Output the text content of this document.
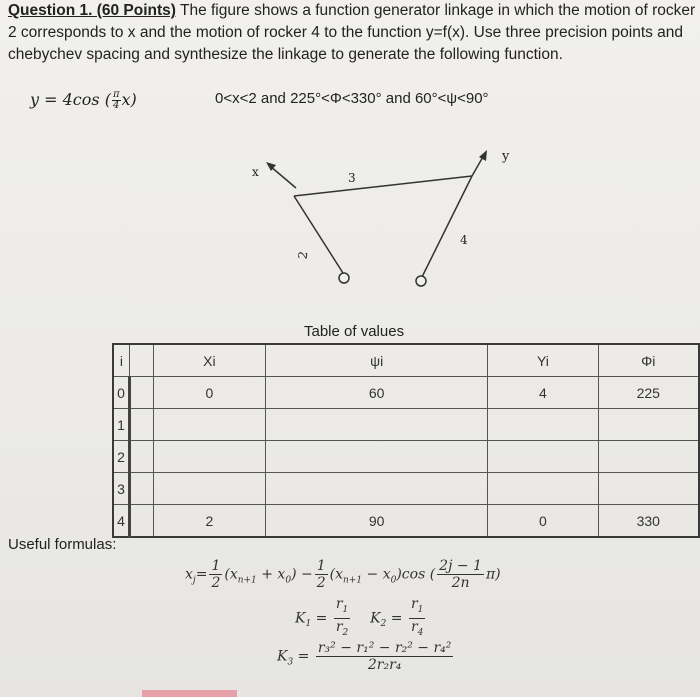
Question 1. (60 Points) The figure shows a function generator linkage in which the motion of rocker 2 corresponds to x and the motion of rocker 4 to the function y=f(x). Use three precision points and chebychev spacing and synthesize the linkage to generate the following function.
y = 4cos ( $\frac{\pi}{4} x$)	0<x<2 and 225°<Φ<330° and 60°<ψ<90°
x
y
3
2
4
Table of values
i		Xi	ψi	Yi	Φi
0		0	60	4	225
1					
2					
3					
4		2	90	0	330
Useful formulas:
$x_j= \frac{1}{2} (x_{n+1} + x_0) - \frac{1}{2} (x_{n+1} - x_0)\cos$ ( $\frac{2j - 1}{2n} \pi$)
$K_1 = \frac{r_1}{r_2} K_2 = \frac{r_1}{r_4}$
$K_3 = \frac{\text{r₃² − r₁² − r₂² − r₄²}}{\text{2r₂r₄}}$
